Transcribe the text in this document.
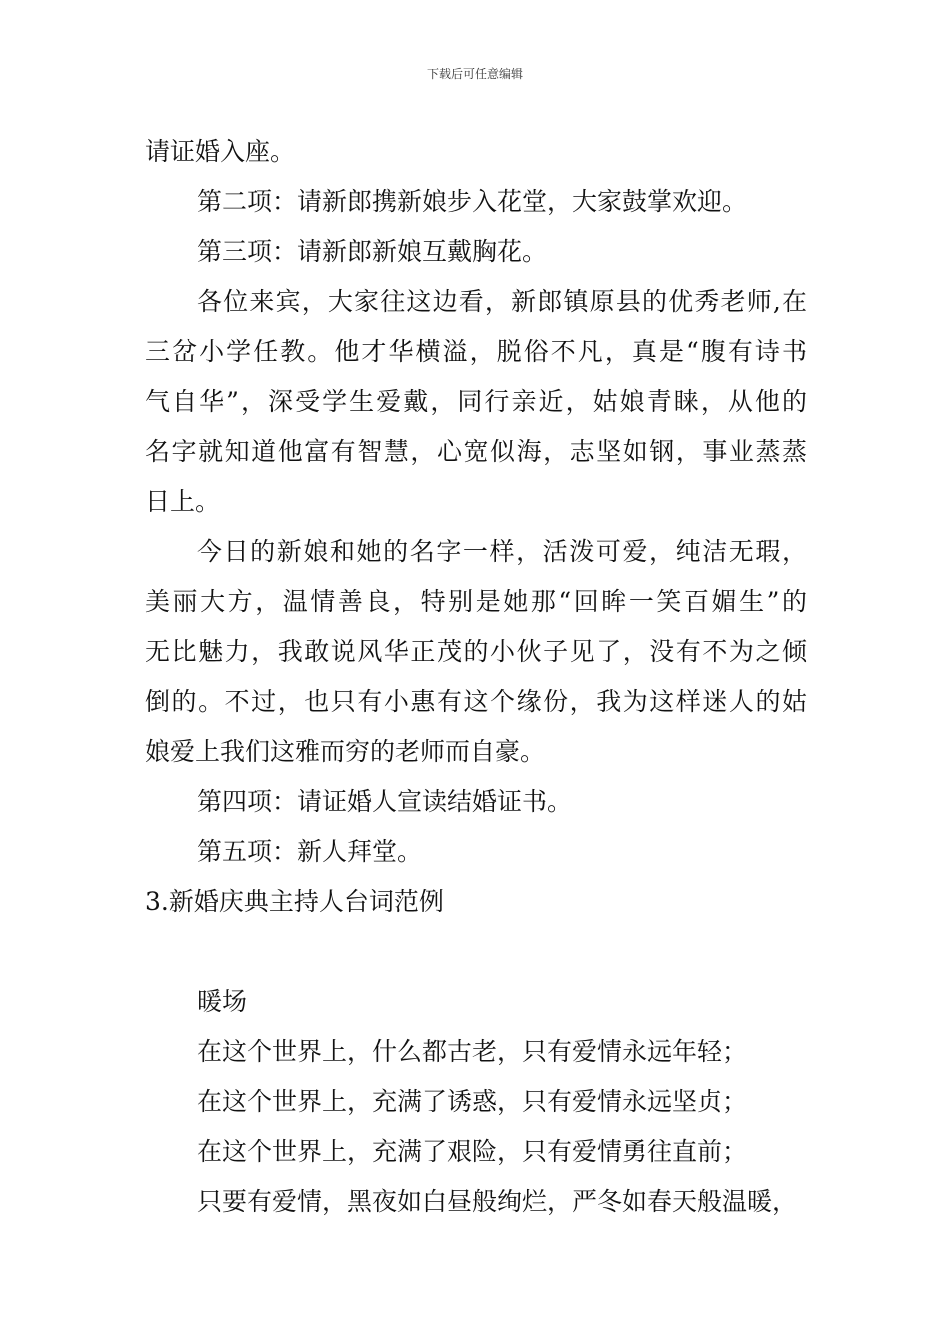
下载后可任意编辑
请证婚入座。
第二项：请新郎携新娘步入花堂，大家鼓掌欢迎。
第三项：请新郎新娘互戴胸花。
各位来宾，大家往这边看，新郎镇原县的优秀老师,在
三岔小学任教。他才华横溢，脱俗不凡，真是“腹有诗书
气自华”，深受学生爱戴，同行亲近，姑娘青睐，从他的
名字就知道他富有智慧，心宽似海，志坚如钢，事业蒸蒸
日上。
今日的新娘和她的名字一样，活泼可爱，纯洁无瑕，
美丽大方，温情善良，特别是她那“回眸一笑百媚生”的
无比魅力，我敢说风华正茂的小伙子见了，没有不为之倾
倒的。不过，也只有小惠有这个缘份，我为这样迷人的姑
娘爱上我们这雅而穷的老师而自豪。
第四项：请证婚人宣读结婚证书。
第五项：新人拜堂。
3.新婚庆典主持人台词范例
暖场
在这个世界上，什么都古老，只有爱情永远年轻；
在这个世界上，充满了诱惑，只有爱情永远坚贞；
在这个世界上，充满了艰险，只有爱情勇往直前；
只要有爱情，黑夜如白昼般绚烂，严冬如春天般温暖，
